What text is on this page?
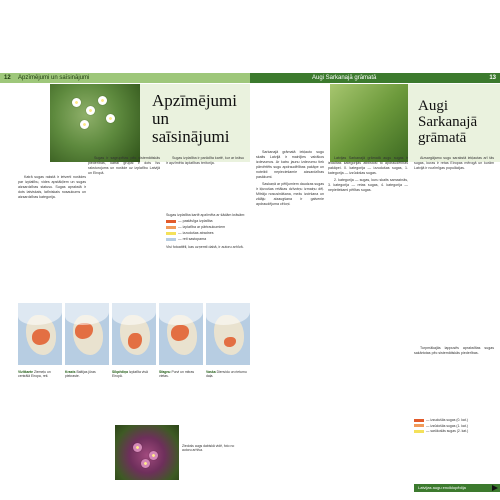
12 Apzīmējumi un saīsinājumi	Augi Sarkanajā grāmatā	13
Apzīmējumi
un
saīsinājumi
Augi Sarkanajā
grāmatā

Katrā sugas rakstā ir ietverti norādes par izplatību, vides apstākļiem un sugas aizsardzības statusu. Sugas aprakstā ir dots latviskais, latīniskais nosaukums un aizsardzības kategorija.

Sugas ir sagrupētas pēc sistemātiskās piederības, katrai grupai ir dots īss raksturojums un norāde uz izplatību Latvijā un Eiropā.

Sugas izplatība ir parādīta kartē, kur ar krāsu ir apzīmēta izplatības teritorija.

Sugas izplatība kartē apzīmēta ar šādām krāsām:
— pastāvīga izplatība
— izplatība ar pārtraukumiem
— izzudušas atradnes
— reti sastopama
Visi fotoattēli, kas uzņemti dabā, ir autoru arhīvā.
Vizītkarte Ziemeļu un centrālā Eiropa, reti.
Krasts Baltijas jūras piekraste.
Sīkpēdiņa Izplatīta visā Eiropā.
Sfagnu Purvi un mitras vietas.
Vaska Dienvidu un rietumu daļa.
Ziedošs augs dabiskā vidē, foto no autoru arhīva.

Sarkanajā grāmatā iekļauto sugu skaits Latvijā ir mainījies vairākos izdevumos. Ar katru jaunu izdevumu tiek pārvērtēts sugu apdraudētības pakāpe un noteikti nepieciešamie aizsardzības pasākumi.

Saskaņā ar pētījumiem daudzas sugas ir kļuvušas retākas dzīvotņu izmaiņu dēļ. Mitrāju nosusināšana, mežu izciršana un zālāju aizaugšana ir galvenie apdraudējuma cēloņi.

Latvijas Sarkanajā grāmatā augu sugas ir iedalītas kategorijās atbilstoši to apdraudētības pakāpei. 0. kategorija — izzudušas sugas, 1. kategorija — izzūdošas sugas.

2. kategorija — sugas, kuru skaits samazinās, 3. kategorija — retas sugas, 4. kategorija — nepietiekami pētītas sugas.

Aizsargājamo sugu sarakstā iekļautas arī tās sugas, kuras ir retas Eiropas mērogā un kurām Latvijā ir nozīmīgas populācijas.

Turpmākajās lappusēs aprakstītas sugas sakārtotas pēc sistemātiskās piederības.

— izzudušās sugas (0. kat.)
— izzūdošās sugas (1. kat.)
— sarūkošās sugas (2. kat.)
Latvijas augu enciklopēdija
